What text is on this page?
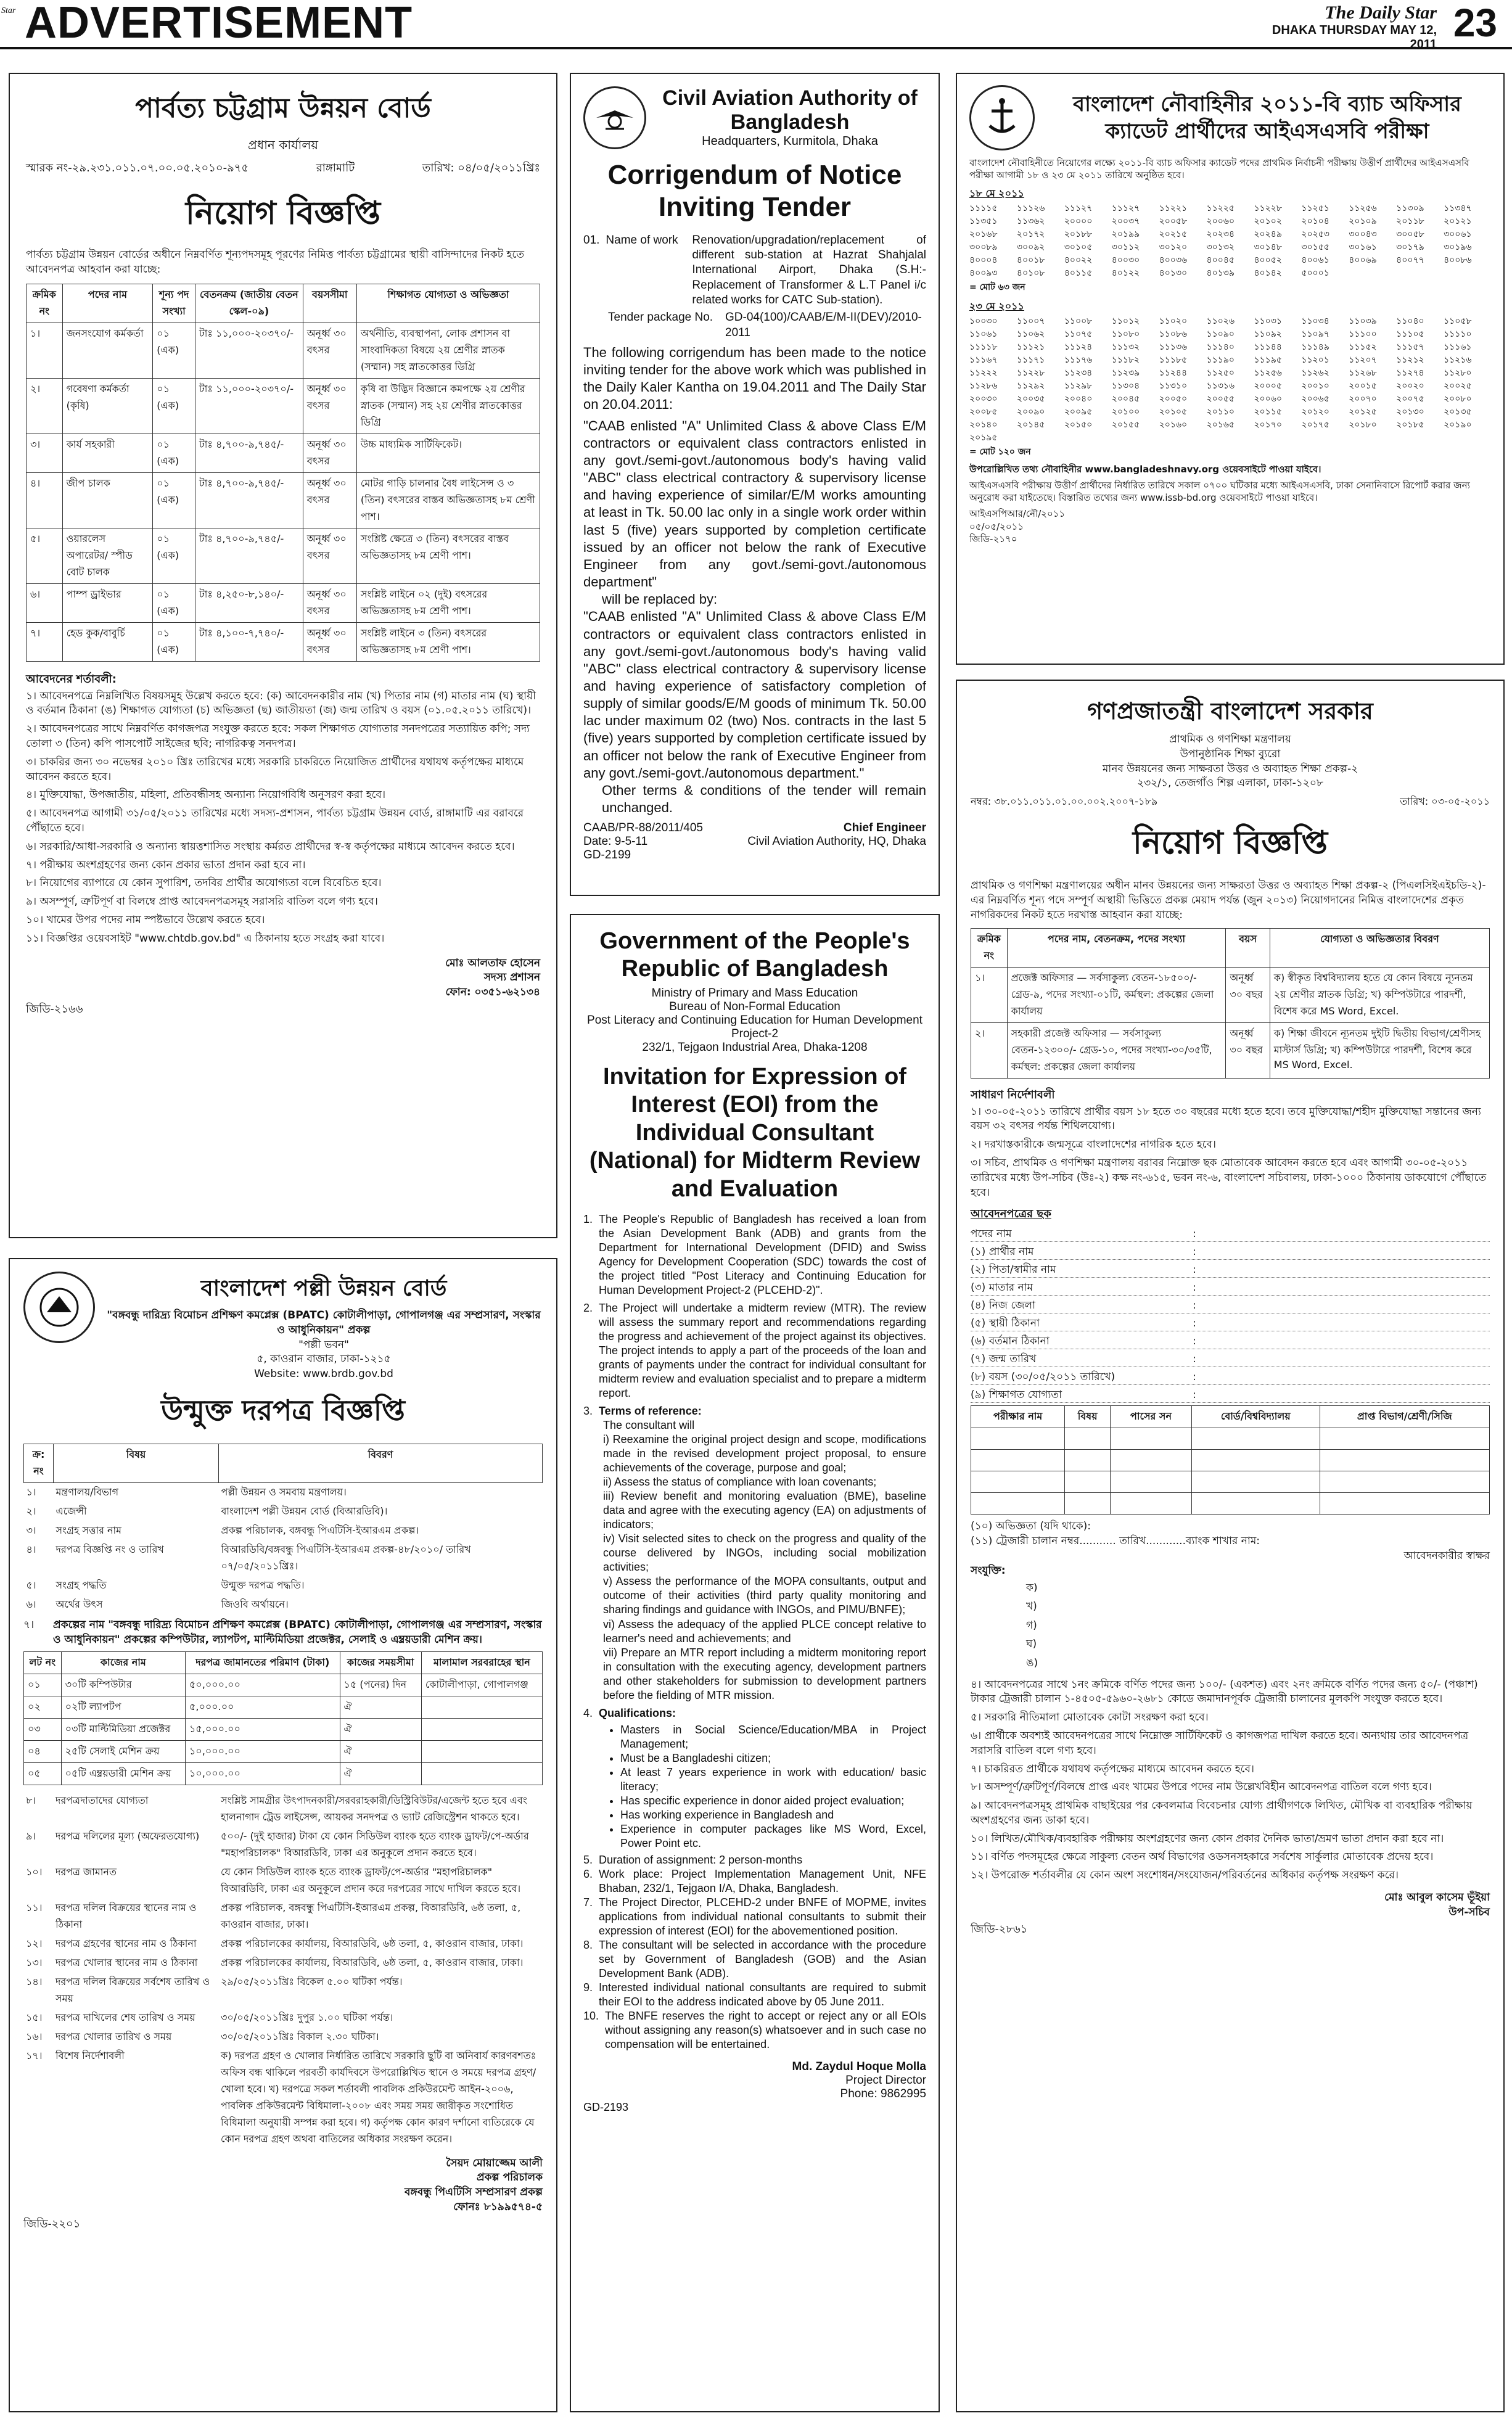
Star ADVERTISEMENT	The Daily Star
DHAKA THURSDAY MAY 12, 2011 23
পার্বত্য চট্টগ্রাম উন্নয়ন বোর্ড
প্রধান কার্যালয়
স্মারক নং-২৯.২৩১.০১১.০৭.০০.০৫.২০১০-৯৭৫	রাঙ্গামাটি	তারিখ: ০৪/০৫/২০১১খ্রিঃ
নিয়োগ বিজ্ঞপ্তি
পার্বত্য চট্টগ্রাম উন্নয়ন বোর্ডের অধীনে নিম্নবর্ণিত শূন্যপদসমূহ পূরণের নিমিত্ত পার্বত্য চট্টগ্রামের স্থায়ী বাসিন্দাদের নিকট হতে আবেদনপত্র আহবান করা যাচ্ছে:
ক্রমিক নং	পদের নাম	শূন্য পদ সংখ্যা	বেতনক্রম (জাতীয় বেতন স্কেল-০৯)	বয়সসীমা	শিক্ষাগত যোগ্যতা ও অভিজ্ঞতা
১।	জনসংযোগ কর্মকর্তা	০১ (এক)	টাঃ ১১,০০০-২০৩৭০/-	অনূর্ধ্ব ৩০ বৎসর	অর্থনীতি, ব্যবস্থাপনা, লোক প্রশাসন বা সাংবাদিকতা বিষয়ে ২য় শ্রেণীর স্নাতক (সম্মান) সহ স্নাতকোত্তর ডিগ্রি
২।	গবেষণা কর্মকর্তা (কৃষি)	০১ (এক)	টাঃ ১১,০০০-২০৩৭০/-	অনূর্ধ্ব ৩০ বৎসর	কৃষি বা উদ্ভিদ বিজ্ঞানে কমপক্ষে ২য় শ্রেণীর স্নাতক (সম্মান) সহ ২য় শ্রেণীর স্নাতকোত্তর ডিগ্রি
৩।	কার্য সহকারী	০১ (এক)	টাঃ ৪,৭০০-৯,৭৪৫/-	অনূর্ধ্ব ৩০ বৎসর	উচ্চ মাধ্যমিক সার্টিফিকেট।
৪।	জীপ চালক	০১ (এক)	টাঃ ৪,৭০০-৯,৭৪৫/-	অনূর্ধ্ব ৩০ বৎসর	মোটর গাড়ি চালনার বৈধ লাইসেন্স ও ৩ (তিন) বৎসরের বাস্তব অভিজ্ঞতাসহ ৮ম শ্রেণী পাশ।
৫।	ওয়ারলেস অপারেটর/ স্পীড বোট চালক	০১ (এক)	টাঃ ৪,৭০০-৯,৭৪৫/-	অনূর্ধ্ব ৩০ বৎসর	সংশ্লিষ্ট ক্ষেত্রে ৩ (তিন) বৎসরের বাস্তব অভিজ্ঞতাসহ ৮ম শ্রেণী পাশ।
৬।	পাম্প ড্রাইভার	০১ (এক)	টাঃ ৪,২৫০-৮,১৪০/-	অনূর্ধ্ব ৩০ বৎসর	সংশ্লিষ্ট লাইনে ০২ (দুই) বৎসরের অভিজ্ঞতাসহ ৮ম শ্রেণী পাশ।
৭।	হেড কুক/বাবুর্চি	০১ (এক)	টাঃ ৪,১০০-৭,৭৪০/-	অনূর্ধ্ব ৩০ বৎসর	সংশ্লিষ্ট লাইনে ৩ (তিন) বৎসরের অভিজ্ঞতাসহ ৮ম শ্রেণী পাশ।
আবেদনের শর্তাবলী:
১। আবেদনপত্রে নিম্নলিখিত বিষয়সমূহ উল্লেখ করতে হবে: (ক) আবেদনকারীর নাম (খ) পিতার নাম (গ) মাতার নাম (ঘ) স্থায়ী ও বর্তমান ঠিকানা (ঙ) শিক্ষাগত যোগ্যতা (চ) অভিজ্ঞতা (ছ) জাতীয়তা (জ) জন্ম তারিখ ও বয়স (০১.০৫.২০১১ তারিখে)।
২। আবেদনপত্রের সাথে নিম্নবর্ণিত কাগজপত্র সংযুক্ত করতে হবে: সকল শিক্ষাগত যোগ্যতার সনদপত্রের সত্যায়িত কপি; সদ্য তোলা ৩ (তিন) কপি পাসপোর্ট সাইজের ছবি; নাগরিকত্ব সনদপত্র।
৩। চাকরির জন্য ৩০ নভেম্বর ২০১০ খ্রিঃ তারিখের মধ্যে সরকারি চাকরিতে নিয়োজিত প্রার্থীদের যথাযথ কর্তৃপক্ষের মাধ্যমে আবেদন করতে হবে।
৪। মুক্তিযোদ্ধা, উপজাতীয়, মহিলা, প্রতিবন্ধীসহ অন্যান্য নিয়োগবিধি অনুসরণ করা হবে।
৫। আবেদনপত্র আগামী ৩১/০৫/২০১১ তারিখের মধ্যে সদস্য-প্রশাসন, পার্বত্য চট্টগ্রাম উন্নয়ন বোর্ড, রাঙ্গামাটি এর বরাবরে পৌঁছাতে হবে।
৬। সরকারি/আধা-সরকারি ও অন্যান্য স্বায়ত্তশাসিত সংস্থায় কর্মরত প্রার্থীদের স্ব-স্ব কর্তৃপক্ষের মাধ্যমে আবেদন করতে হবে।
৭। পরীক্ষায় অংশগ্রহণের জন্য কোন প্রকার ভাতা প্রদান করা হবে না।
৮। নিয়োগের ব্যাপারে যে কোন সুপারিশ, তদবির প্রার্থীর অযোগ্যতা বলে বিবেচিত হবে।
৯। অসম্পূর্ণ, ত্রুটিপূর্ণ বা বিলম্বে প্রাপ্ত আবেদনপত্রসমূহ সরাসরি বাতিল বলে গণ্য হবে।
১০। খামের উপর পদের নাম স্পষ্টভাবে উল্লেখ করতে হবে।
১১। বিজ্ঞপ্তির ওয়েবসাইট "www.chtdb.gov.bd" এ ঠিকানায় হতে সংগ্রহ করা যাবে।
মোঃ আলতাফ হোসেন
সদস্য প্রশাসন
ফোন: ০৩৫১-৬২১৩৪
জিডি-২১৬৬
Civil Aviation Authority of Bangladesh
Headquarters, Kurmitola, Dhaka
Corrigendum of Notice Inviting Tender
01. Name of work	Renovation/upgradation/replacement of different sub-station at Hazrat Shahjalal International Airport, Dhaka (S.H:- Replacement of Transformer & L.T Panel i/c related works for CATC Sub-station).
Tender package No.	GD-04(100)/CAAB/E/M-II(DEV)/2010-2011
The following corrigendum has been made to the notice inviting tender for the above work which was published in the Daily Kaler Kantha on 19.04.2011 and The Daily Star on 20.04.2011:
"CAAB enlisted "A" Unlimited Class & above Class E/M contractors or equivalent class contractors enlisted in any govt./semi-govt./autonomous body's having valid "ABC" class electrical contractory & supervisory license and having experience of similar/E/M works amounting at least in Tk. 50.00 lac only in a single work order within last 5 (five) years supported by completion certificate issued by an officer not below the rank of Executive Engineer from any govt./semi-govt./autonomous department"
will be replaced by:
"CAAB enlisted "A" Unlimited Class & above Class E/M contractors or equivalent class contractors enlisted in any govt./semi-govt./autonomous body's having valid "ABC" class electrical contractory & supervisory license and having experience of satisfactory completion of supply of similar goods/E/M goods of minimum Tk. 50.00 lac under maximum 02 (two) Nos. contracts in the last 5 (five) years supported by completion certificate issued by an officer not below the rank of Executive Engineer from any govt./semi-govt./autonomous department."
Other terms & conditions of the tender will remain unchanged.
CAAB/PR-88/2011/405
Date: 9-5-11
GD-2199
Chief Engineer
Civil Aviation Authority, HQ, Dhaka
বাংলাদেশ নৌবাহিনীর ২০১১-বি ব্যাচ অফিসার ক্যাডেট প্রার্থীদের আইএসএসবি পরীক্ষা
বাংলাদেশ নৌবাহিনীতে নিয়োগের লক্ষ্যে ২০১১-বি ব্যাচ অফিসার ক্যাডেট পদের প্রাথমিক নির্বাচনী পরীক্ষায় উত্তীর্ণ প্রার্থীদের আইএসএসবি পরীক্ষা আগামী ১৮ ও ২৩ মে ২০১১ তারিখে অনুষ্ঠিত হবে।
১৮ মে ২০১১
১১১১৫	১১১২৬	১১১২৭	১১১২৭	১১২২১	১১২২৫	১১২২৮	১১২৫১	১১২৫৬	১১৩০৯	১১৩৪৭
১১৩৫১	১১৩৬২	২০০০০	২০০৩৭	২০০৫৮	২০০৬০	২০১০২	২০১০৪	২০১০৯	২০১১৮	২০১২১
২০১৬৮	২০১৭২	২০১৮৮	২০১৯৯	২০২১৫	২০২৩৪	২০২৪৯	২০২৫৩	৩০০৪৩	৩০০৫৮	৩০০৬১
৩০০৮৯	৩০০৯২	৩০১০৫	৩০১১২	৩০১২০	৩০১৩২	৩০১৪৮	৩০১৫৫	৩০১৬১	৩০১৭৯	৩০১৯৬
৪০০০৪	৪০০১৮	৪০০২২	৪০০৩০	৪০০৩৬	৪০০৪৫	৪০০৫২	৪০০৬১	৪০০৬৯	৪০০৭৭	৪০০৮৬
৪০০৯৩	৪০১০৮	৪০১১৫	৪০১২২	৪০১৩০	৪০১৩৯	৪০১৪২	৫০০০১
= মোট ৬৩ জন
২৩ মে ২০১১
১০০৩০	১১০০৭	১১০০৮	১১০১২	১১০২০	১১০২৬	১১০৩১	১১০৩৪	১১০৩৯	১১০৪০	১১০৫৮
১১০৬১	১১০৬২	১১০৭৫	১১০৮০	১১০৮৬	১১০৯০	১১০৯২	১১০৯৭	১১১০০	১১১০৫	১১১১০
১১১১৮	১১১২১	১১১২৪	১১১৩২	১১১৩৬	১১১৪০	১১১৪৪	১১১৪৯	১১১৫২	১১১৫৭	১১১৬১
১১১৬৭	১১১৭১	১১১৭৬	১১১৮২	১১১৮৫	১১১৯০	১১১৯৫	১১২০১	১১২০৭	১১২১২	১১২১৬
১১২২২	১১২২৮	১১২৩৪	১১২৩৯	১১২৪৪	১১২৫০	১১২৫৬	১১২৬২	১১২৬৮	১১২৭৪	১১২৮০
১১২৮৬	১১২৯২	১১২৯৮	১১৩০৪	১১৩১০	১১৩১৬	২০০০৫	২০০১০	২০০১৫	২০০২০	২০০২৫
২০০৩০	২০০৩৫	২০০৪০	২০০৪৫	২০০৫০	২০০৫৫	২০০৬০	২০০৬৫	২০০৭০	২০০৭৫	২০০৮০
২০০৮৫	২০০৯০	২০০৯৫	২০১০০	২০১০৫	২০১১০	২০১১৫	২০১২০	২০১২৫	২০১৩০	২০১৩৫
২০১৪০	২০১৪৫	২০১৫০	২০১৫৫	২০১৬০	২০১৬৫	২০১৭০	২০১৭৫	২০১৮০	২০১৮৫	২০১৯০
২০১৯৫
= মোট ১২০ জন
উপরোল্লিখিত তথ্য নৌবাহিনীর www.bangladeshnavy.org ওয়েবসাইটে পাওয়া যাইবে।
আইএসএসবি পরীক্ষায় উত্তীর্ণ প্রার্থীদের নির্ধারিত তারিখে সকাল ০৭০০ ঘটিকার মধ্যে আইএসএসবি, ঢাকা সেনানিবাসে রিপোর্ট করার জন্য অনুরোধ করা যাইতেছে। বিস্তারিত তথ্যের জন্য www.issb-bd.org ওয়েবসাইটে পাওয়া যাইবে।
আইএসপিআর/নৌ/২০১১
০৫/০৫/২০১১
জিডি-২১৭০
গণপ্রজাতন্ত্রী বাংলাদেশ সরকার
প্রাথমিক ও গণশিক্ষা মন্ত্রণালয়
উপানুষ্ঠানিক শিক্ষা ব্যুরো
মানব উন্নয়নের জন্য সাক্ষরতা উত্তর ও অব্যাহত শিক্ষা প্রকল্প-২
২৩২/১, তেজগাঁও শিল্প এলাকা, ঢাকা-১২০৮
নম্বর: ৩৮.০১১.০১১.০১.০০.০০২.২০০৭-১৮৯	তারিখ: ০৩-০৫-২০১১
নিয়োগ বিজ্ঞপ্তি
প্রাথমিক ও গণশিক্ষা মন্ত্রণালয়ের অধীন মানব উন্নয়নের জন্য সাক্ষরতা উত্তর ও অব্যাহত শিক্ষা প্রকল্প-২ (পিএলসিইএইচডি-২)-এর নিম্নবর্ণিত শূন্য পদে সম্পূর্ণ অস্থায়ী ভিত্তিতে প্রকল্প মেয়াদ পর্যন্ত (জুন ২০১৩) নিয়োগদানের নিমিত্ত বাংলাদেশের প্রকৃত নাগরিকদের নিকট হতে দরখাস্ত আহবান করা যাচ্ছে:
ক্রমিক নং	পদের নাম, বেতনক্রম, পদের সংখ্যা	বয়স	যোগ্যতা ও অভিজ্ঞতার বিবরণ
১।	প্রজেক্ট অফিসার — সর্বসাকুল্য বেতন-১৮৫০০/- গ্রেড-৯, পদের সংখ্যা-০১টি, কর্মস্থল: প্রকল্পের জেলা কার্যালয়	অনূর্ধ্ব ৩০ বছর	ক) স্বীকৃত বিশ্ববিদ্যালয় হতে যে কোন বিষয়ে ন্যূনতম ২য় শ্রেণীর স্নাতক ডিগ্রি; খ) কম্পিউটারে পারদর্শী, বিশেষ করে MS Word, Excel.
২।	সহকারী প্রজেক্ট অফিসার — সর্বসাকুল্য বেতন-১২৩০০/- গ্রেড-১০, পদের সংখ্যা-৩০/৩৫টি, কর্মস্থল: প্রকল্পের জেলা কার্যালয়	অনূর্ধ্ব ৩০ বছর	ক) শিক্ষা জীবনে ন্যূনতম দুইটি দ্বিতীয় বিভাগ/শ্রেণীসহ মাস্টার্স ডিগ্রি; খ) কম্পিউটারে পারদর্শী, বিশেষ করে MS Word, Excel.
সাধারণ নির্দেশাবলী
১। ৩০-০৫-২০১১ তারিখে প্রার্থীর বয়স ১৮ হতে ৩০ বছরের মধ্যে হতে হবে। তবে মুক্তিযোদ্ধা/শহীদ মুক্তিযোদ্ধা সন্তানের জন্য বয়স ৩২ বৎসর পর্যন্ত শিথিলযোগ্য।
২। দরখাস্তকারীকে জন্মসূত্রে বাংলাদেশের নাগরিক হতে হবে।
৩। সচিব, প্রাথমিক ও গণশিক্ষা মন্ত্রণালয় বরাবর নিম্নোক্ত ছক মোতাবেক আবেদন করতে হবে এবং আগামী ৩০-০৫-২০১১ তারিখের মধ্যে উপ-সচিব (উঃ-২) কক্ষ নং-৬১৫, ভবন নং-৬, বাংলাদেশ সচিবালয়, ঢাকা-১০০০ ঠিকানায় ডাকযোগে পৌঁছাতে হবে।
আবেদনপত্রের ছক
পদের নাম	:
(১) প্রার্থীর নাম	:
(২) পিতা/স্বামীর নাম	:
(৩) মাতার নাম	:
(৪) নিজ জেলা	:
(৫) স্থায়ী ঠিকানা	:
(৬) বর্তমান ঠিকানা	:
(৭) জন্ম তারিখ	:
(৮) বয়স (৩০/০৫/২০১১ তারিখে)	:
(৯) শিক্ষাগত যোগ্যতা	:
পরীক্ষার নাম	বিষয়	পাসের সন	বোর্ড/বিশ্ববিদ্যালয়	প্রাপ্ত বিভাগ/শ্রেণী/সিজি

(১০) অভিজ্ঞতা (যদি থাকে):
(১১) ট্রেজারী চালান নম্বর........... তারিখ............ব্যাংক শাখার নাম:
আবেদনকারীর স্বাক্ষর
সংযুক্তি:
ক)
খ)
গ)
ঘ)
ঙ)
৪। আবেদনপত্রের সাথে ১নং ক্রমিকে বর্ণিত পদের জন্য ১০০/- (একশত) এবং ২নং ক্রমিকে বর্ণিত পদের জন্য ৫০/- (পঞ্চাশ) টাকার ট্রেজারী চালান ১-৪৫০৫-৫৯৬০-২৬৮১ কোডে জমাদানপূর্বক ট্রেজারী চালানের মূলকপি সংযুক্ত করতে হবে।
৫। সরকারি নীতিমালা মোতাবেক কোটা সংরক্ষণ করা হবে।
৬। প্রার্থীকে অবশ্যই আবেদনপত্রের সাথে নিম্নোক্ত সার্টিফিকেট ও কাগজপত্র দাখিল করতে হবে। অন্যথায় তার আবেদনপত্র সরাসরি বাতিল বলে গণ্য হবে।
৭। চাকরিরত প্রার্থীকে যথাযথ কর্তৃপক্ষের মাধ্যমে আবেদন করতে হবে।
৮। অসম্পূর্ণ/ত্রুটিপূর্ণ/বিলম্বে প্রাপ্ত এবং খামের উপরে পদের নাম উল্লেখবিহীন আবেদনপত্র বাতিল বলে গণ্য হবে।
৯। আবেদনপত্রসমূহ প্রাথমিক বাছাইয়ের পর কেবলমাত্র বিবেচনার যোগ্য প্রার্থীগণকে লিখিত, মৌখিক বা ব্যবহারিক পরীক্ষায় অংশগ্রহণের জন্য ডাকা হবে।
১০। লিখিত/মৌখিক/ব্যবহারিক পরীক্ষায় অংশগ্রহণের জন্য কোন প্রকার দৈনিক ভাতা/ভ্রমণ ভাতা প্রদান করা হবে না।
১১। বর্ণিত পদসমূহের ক্ষেত্রে সাকুল্য বেতন অর্থ বিভাগের ওডসনসহকারে সর্বশেষ সার্কুলার মোতাবেক প্রদেয় হবে।
১২। উপরোক্ত শর্তাবলীর যে কোন অংশ সংশোধন/সংযোজন/পরিবর্তনের অধিকার কর্তৃপক্ষ সংরক্ষণ করে।
মোঃ আবুল কাসেম ভূঁইয়া
উপ-সচিব
জিডি-২৮৬১
বাংলাদেশ পল্লী উন্নয়ন বোর্ড
"বঙ্গবন্ধু দারিদ্র্য বিমোচন প্রশিক্ষণ কমপ্লেক্স (BPATC) কোটালীপাড়া, গোপালগঞ্জ এর সম্প্রসারণ, সংস্কার ও আধুনিকায়ন" প্রকল্প
"পল্লী ভবন"
৫, কাওরান বাজার, ঢাকা-১২১৫
Website: www.brdb.gov.bd
উন্মুক্ত দরপত্র বিজ্ঞপ্তি
ক্র: নং	বিষয়	বিবরণ
১।	মন্ত্রণালয়/বিভাগ	পল্লী উন্নয়ন ও সমবায় মন্ত্রণালয়।
২।	এজেন্সী	বাংলাদেশ পল্লী উন্নয়ন বোর্ড (বিআরডিবি)।
৩।	সংগ্রহ সত্তার নাম	প্রকল্প পরিচালক, বঙ্গবন্ধু পিএটিসি-ইআরএম প্রকল্প।
৪।	দরপত্র বিজ্ঞপ্তি নং ও তারিখ	বিআরডিবি/বঙ্গবন্ধু পিএটিসি-ইআরএম প্রকল্প-৪৮/২০১০/ তারিখ ০৭/০৫/২০১১খ্রিঃ।
৫।	সংগ্রহ পদ্ধতি	উন্মুক্ত দরপত্র পদ্ধতি।
৬।	অর্থের উৎস	জিওবি অর্থায়নে।
৭।	প্রকল্পের নাম "বঙ্গবন্ধু দারিদ্র্য বিমোচন প্রশিক্ষণ কমপ্লেক্স (BPATC) কোটালীপাড়া, গোপালগঞ্জ এর সম্প্রসারণ, সংস্কার ও আধুনিকায়ন" প্রকল্পের কম্পিউটার, ল্যাপটপ, মাল্টিমিডিয়া প্রজেক্টর, সেলাই ও এম্ব্রয়ডারী মেশিন ক্রয়।
লট নং	কাজের নাম	দরপত্র জামানতের পরিমাণ (টাকা)	কাজের সময়সীমা	মালামাল সরবরাহের স্থান
০১	৩০টি কম্পিউটার	৫০,০০০.০০	১৫ (পনের) দিন	কোটালীপাড়া, গোপালগঞ্জ
০২	০২টি ল্যাপটপ	৫,০০০.০০	ঐ	
০৩	০৩টি মাল্টিমিডিয়া প্রজেক্টর	১৫,০০০.০০	ঐ	
০৪	২৫টি সেলাই মেশিন ক্রয়	১০,০০০.০০	ঐ	
০৫	০৫টি এম্ব্রয়ডারী মেশিন ক্রয়	১০,০০০.০০	ঐ	
৮।	দরপত্রদাতাদের যোগ্যতা	সংশ্লিষ্ট সামগ্রীর উৎপাদনকারী/সরবরাহকারী/ডিস্ট্রিবিউটর/এজেন্ট হতে হবে এবং হালনাগাদ ট্রেড লাইসেন্স, আয়কর সনদপত্র ও ভ্যাট রেজিস্ট্রেশন থাকতে হবে।
৯।	দরপত্র দলিলের মূল্য (অফেরতযোগ্য)	৫০০/- (দুই হাজার) টাকা যে কোন সিডিউল ব্যাংক হতে ব্যাংক ড্রাফট/পে-অর্ডার "মহাপরিচালক" বিআরডিবি, ঢাকা এর অনুকূলে প্রদান করতে হবে।
১০।	দরপত্র জামানত	যে কোন সিডিউল ব্যাংক হতে ব্যাংক ড্রাফট/পে-অর্ডার "মহাপরিচালক" বিআরডিবি, ঢাকা এর অনুকূলে প্রদান করে দরপত্রের সাথে দাখিল করতে হবে।
১১।	দরপত্র দলিল বিক্রয়ের স্থানের নাম ও ঠিকানা	প্রকল্প পরিচালক, বঙ্গবন্ধু পিএটিসি-ইআরএম প্রকল্প, বিআরডিবি, ৬ষ্ঠ তলা, ৫, কাওরান বাজার, ঢাকা।
১২।	দরপত্র গ্রহণের স্থানের নাম ও ঠিকানা	প্রকল্প পরিচালকের কার্যালয়, বিআরডিবি, ৬ষ্ঠ তলা, ৫, কাওরান বাজার, ঢাকা।
১৩।	দরপত্র খোলার স্থানের নাম ও ঠিকানা	প্রকল্প পরিচালকের কার্যালয়, বিআরডিবি, ৬ষ্ঠ তলা, ৫, কাওরান বাজার, ঢাকা।
১৪।	দরপত্র দলিল বিক্রয়ের সর্বশেষ তারিখ ও সময়	২৯/০৫/২০১১খ্রিঃ বিকেল ৫.০০ ঘটিকা পর্যন্ত।
১৫।	দরপত্র দাখিলের শেষ তারিখ ও সময়	৩০/০৫/২০১১খ্রিঃ দুপুর ১.০০ ঘটিকা পর্যন্ত।
১৬।	দরপত্র খোলার তারিখ ও সময়	৩০/০৫/২০১১খ্রিঃ বিকাল ২.৩০ ঘটিকা।
১৭।	বিশেষ নির্দেশাবলী	ক) দরপত্র গ্রহণ ও খোলার নির্ধারিত তারিখে সরকারি ছুটি বা অনিবার্য কারণবশতঃ অফিস বন্ধ থাকিলে পরবর্তী কার্যদিবসে উপরোল্লিখিত স্থানে ও সময়ে দরপত্র গ্রহণ/খোলা হবে। খ) দরপত্রে সকল শর্তাবলী পাবলিক প্রকিউরমেন্ট আইন-২০০৬, পাবলিক প্রকিউরমেন্ট বিধিমালা-২০০৮ এবং সময় সময় জারীকৃত সংশোধিত বিধিমালা অনুযায়ী সম্পন্ন করা হবে। গ) কর্তৃপক্ষ কোন কারণ দর্শানো ব্যতিরেকে যে কোন দরপত্র গ্রহণ অথবা বাতিলের অধিকার সংরক্ষণ করেন।
সৈয়দ মোয়াজ্জেম আলী
প্রকল্প পরিচালক
বঙ্গবন্ধু পিএটিসি সম্প্রসারণ প্রকল্প
ফোনঃ ৮১৯৯৫৭৪-৫
জিডি-২২০১
Government of the People's Republic of Bangladesh
Ministry of Primary and Mass Education
Bureau of Non-Formal Education
Post Literacy and Continuing Education for Human Development Project-2
232/1, Tejgaon Industrial Area, Dhaka-1208
Invitation for Expression of Interest (EOI) from the Individual Consultant (National) for Midterm Review and Evaluation
1. The People's Republic of Bangladesh has received a loan from the Asian Development Bank (ADB) and grants from the Department for International Development (DFID) and Swiss Agency for Development Cooperation (SDC) towards the cost of the project titled "Post Literacy and Continuing Education for Human Development Project-2 (PLCEHD-2)".
2. The Project will undertake a midterm review (MTR). The review will assess the summary report and recommendations regarding the progress and achievement of the project against its objectives. The project intends to apply a part of the proceeds of the loan and grants of payments under the contract for individual consultant for midterm review and evaluation specialist and to prepare a midterm report.
3. Terms of reference:
The consultant will
i) Reexamine the original project design and scope, modifications made in the revised development project proposal, to ensure achievements of the coverage, purpose and goal;
ii) Assess the status of compliance with loan covenants;
iii) Review benefit and monitoring evaluation (BME), baseline data and agree with the executing agency (EA) on adjustments of indicators;
iv) Visit selected sites to check on the progress and quality of the course delivered by INGOs, including social mobilization activities;
v) Assess the performance of the MOPA consultants, output and outcome of their activities (third party quality monitoring and sharing findings and guidance with INGOs, and PIMU/BNFE);
vi) Assess the adequacy of the applied PLCE concept relative to learner's need and achievements; and
vii) Prepare an MTR report including a midterm monitoring report in consultation with the executing agency, development partners and other stakeholders for submission to development partners before the fielding of MTR mission.
4. Qualifications:
• Masters in Social Science/Education/MBA in Project Management;
• Must be a Bangladeshi citizen;
• At least 7 years experience in work with education/ basic literacy;
• Has specific experience in donor aided project evaluation;
• Has working experience in Bangladesh and
• Experience in computer packages like MS Word, Excel, Power Point etc.
5. Duration of assignment: 2 person-months
6. Work place: Project Implementation Management Unit, NFE Bhaban, 232/1, Tejgaon I/A, Dhaka, Bangladesh.
7. The Project Director, PLCEHD-2 under BNFE of MOPME, invites applications from individual national consultants to submit their expression of interest (EOI) for the abovementioned position.
8. The consultant will be selected in accordance with the procedure set by Government of Bangladesh (GOB) and the Asian Development Bank (ADB).
9. Interested individual national consultants are required to submit their EOI to the address indicated above by 05 June 2011.
10. The BNFE reserves the right to accept or reject any or all EOIs without assigning any reason(s) whatsoever and in such case no compensation will be entertained.
Md. Zaydul Hoque Molla
Project Director
Phone: 9862995
GD-2193
